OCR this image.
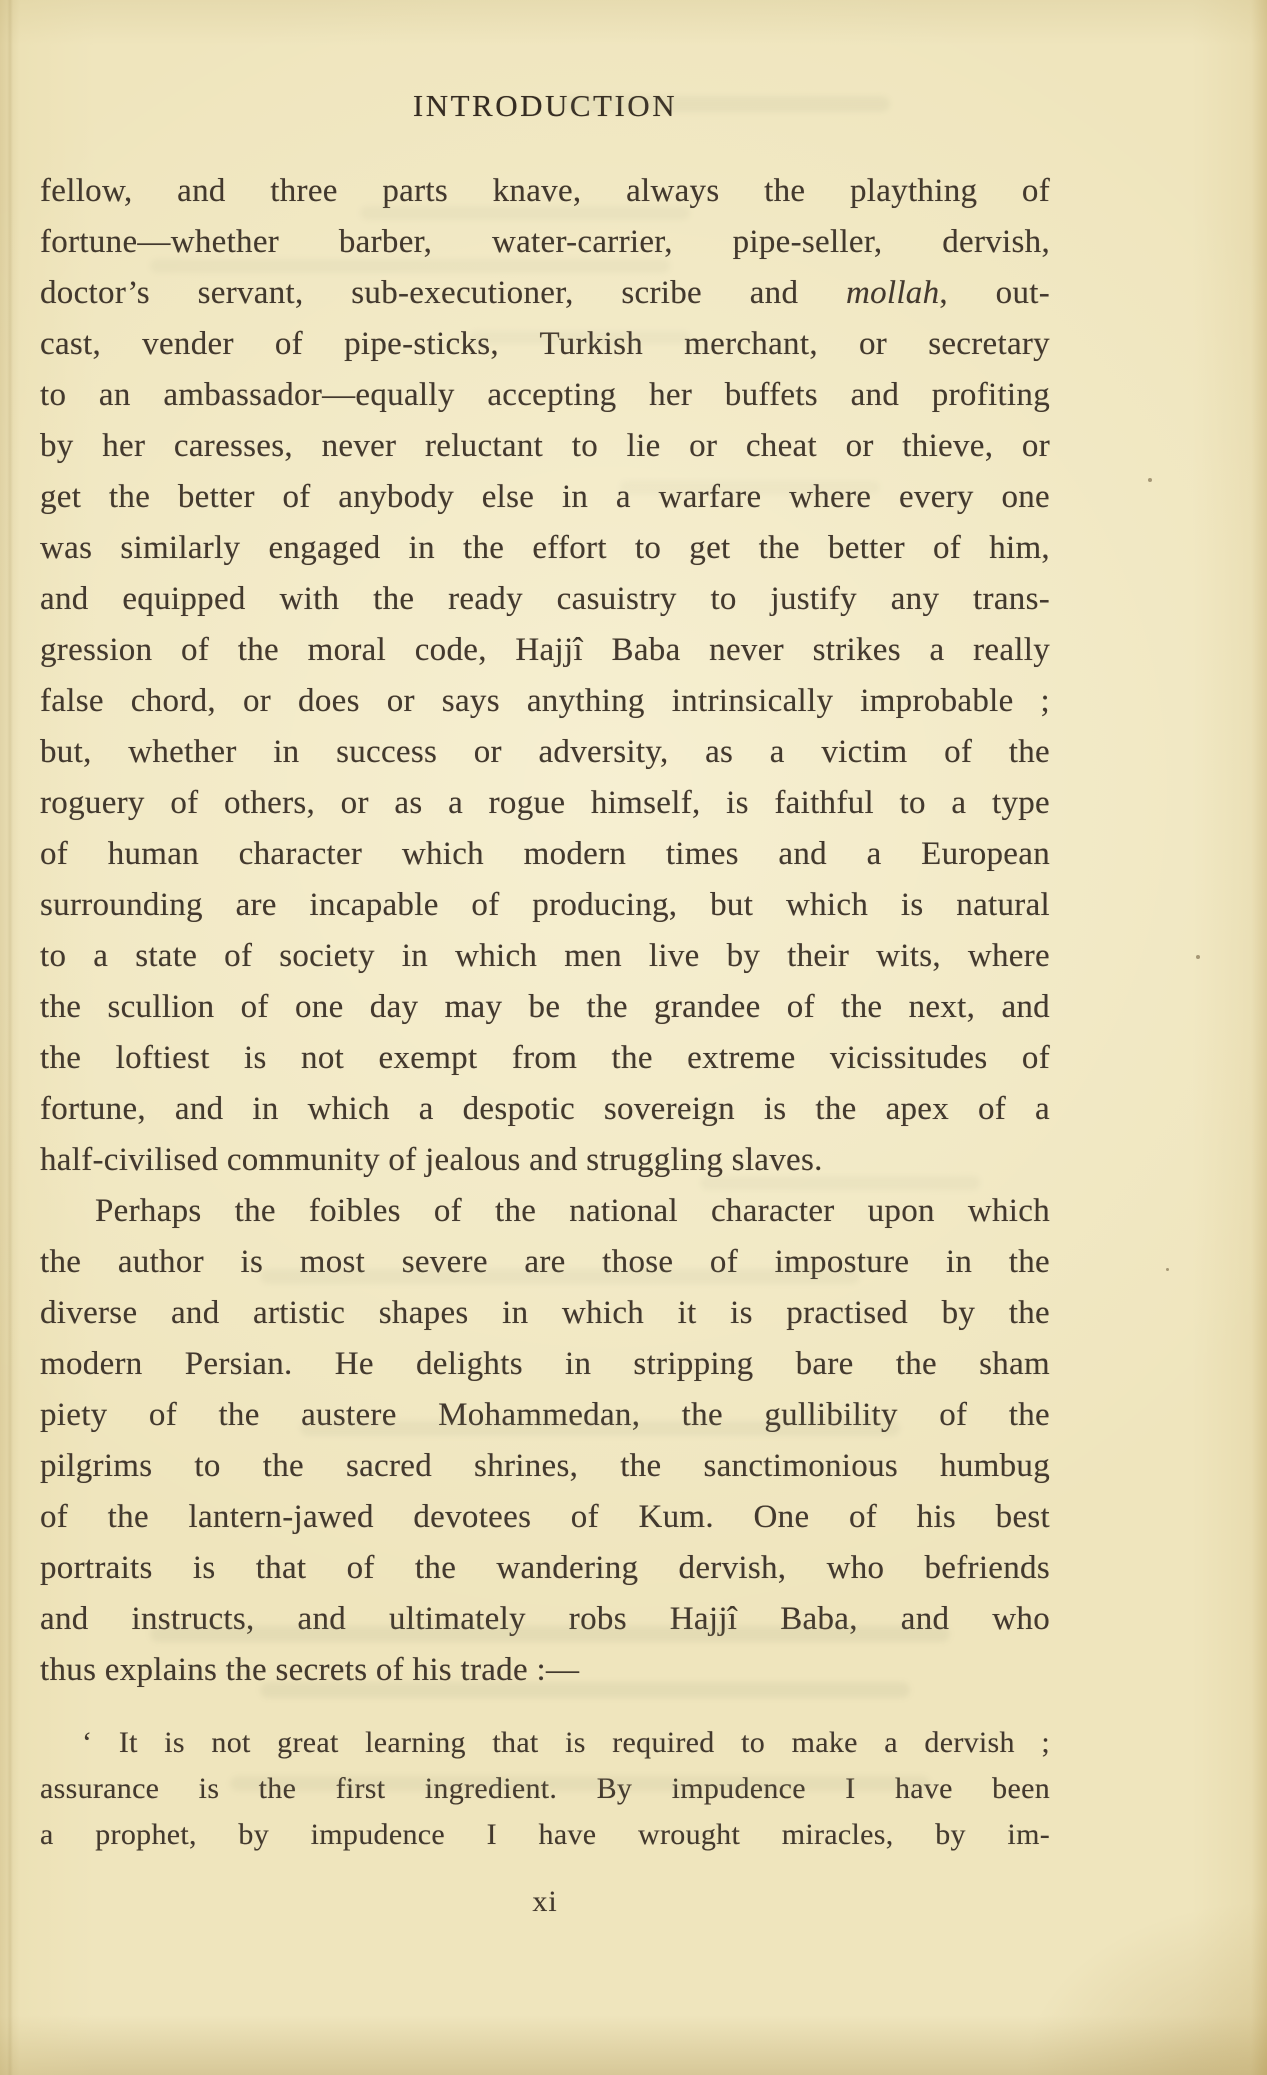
INTRODUCTION
fellow, and three parts knave, always the plaything of
fortune—whether barber, water-carrier, pipe-seller, dervish,
doctor’s servant, sub-executioner, scribe and mollah, out-
cast, vender of pipe-sticks, Turkish merchant, or secretary
to an ambassador—equally accepting her buffets and profiting
by her caresses, never reluctant to lie or cheat or thieve, or
get the better of anybody else in a warfare where every one
was similarly engaged in the effort to get the better of him,
and equipped with the ready casuistry to justify any trans-
gression of the moral code, Hajjî Baba never strikes a really
false chord, or does or says anything intrinsically improbable ;
but, whether in success or adversity, as a victim of the
roguery of others, or as a rogue himself, is faithful to a type
of human character which modern times and a European
surrounding are incapable of producing, but which is natural
to a state of society in which men live by their wits, where
the scullion of one day may be the grandee of the next, and
the loftiest is not exempt from the extreme vicissitudes of
fortune, and in which a despotic sovereign is the apex of a
half-civilised community of jealous and struggling slaves.
Perhaps the foibles of the national character upon which
the author is most severe are those of imposture in the
diverse and artistic shapes in which it is practised by the
modern Persian. He delights in stripping bare the sham
piety of the austere Mohammedan, the gullibility of the
pilgrims to the sacred shrines, the sanctimonious humbug
of the lantern-jawed devotees of Kum. One of his best
portraits is that of the wandering dervish, who befriends
and instructs, and ultimately robs Hajjî Baba, and who
thus explains the secrets of his trade :—
‘ It is not great learning that is required to make a dervish ;
assurance is the first ingredient. By impudence I have been
a prophet, by impudence I have wrought miracles, by im-
xi
